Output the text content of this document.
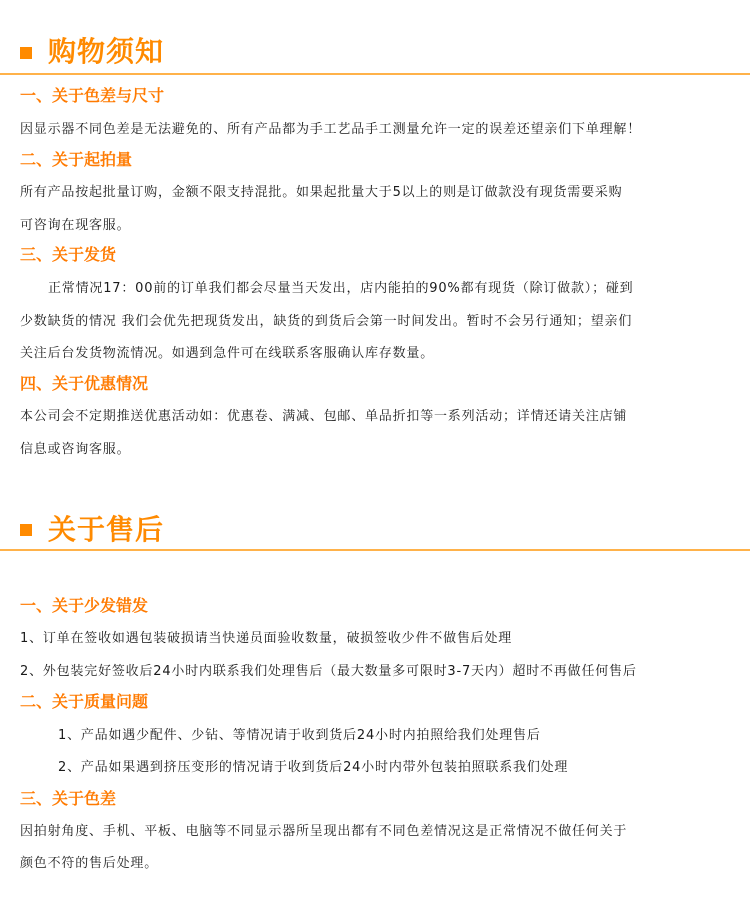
购物须知
一、关于色差与尺寸
因显示器不同色差是无法避免的、所有产品都为手工艺品手工测量允许一定的误差还望亲们下单理解！
二、关于起拍量
所有产品按起批量订购，金额不限支持混批。如果起批量大于5以上的则是订做款没有现货需要采购
可咨询在现客服。
三、关于发货
正常情况17：00前的订单我们都会尽量当天发出，店内能拍的90%都有现货（除订做款）；碰到
少数缺货的情况 我们会优先把现货发出，缺货的到货后会第一时间发出。暂时不会另行通知；望亲们
关注后台发货物流情况。如遇到急件可在线联系客服确认库存数量。
四、关于优惠情况
本公司会不定期推送优惠活动如：优惠卷、满减、包邮、单品折扣等一系列活动；详情还请关注店铺
信息或咨询客服。
关于售后
一、关于少发错发
1、订单在签收如遇包装破损请当快递员面验收数量，破损签收少件不做售后处理
2、外包装完好签收后24小时内联系我们处理售后（最大数量多可限时3-7天内）超时不再做任何售后
二、关于质量问题
1、产品如遇少配件、少钻、等情况请于收到货后24小时内拍照给我们处理售后
2、产品如果遇到挤压变形的情况请于收到货后24小时内带外包装拍照联系我们处理
三、关于色差
因拍射角度、手机、平板、电脑等不同显示器所呈现出都有不同色差情况这是正常情况不做任何关于
颜色不符的售后处理。
